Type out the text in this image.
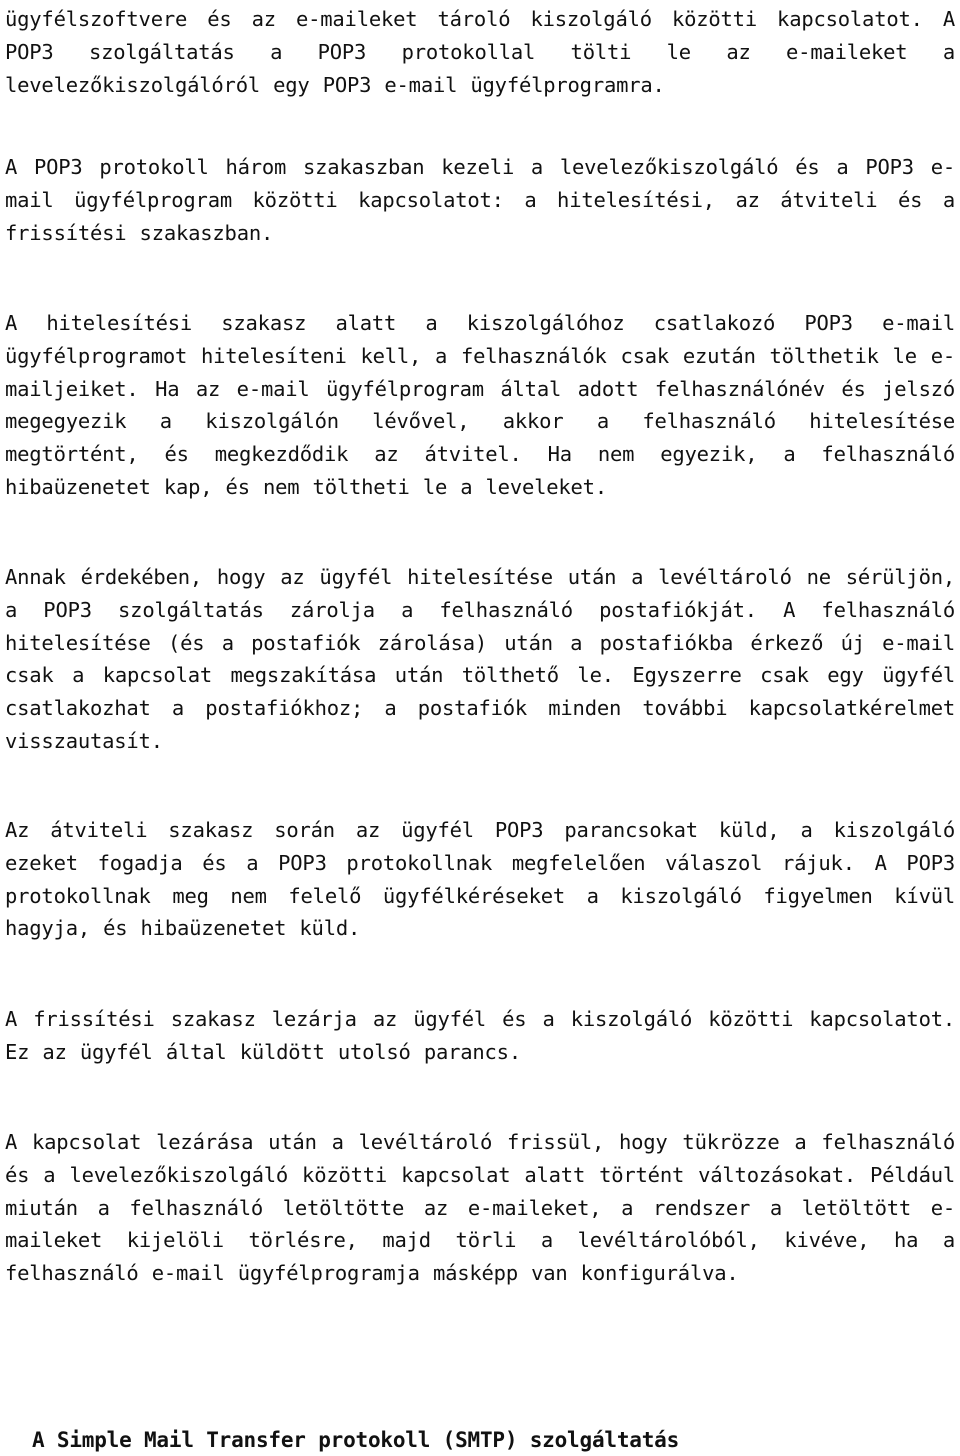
ügyfélszoftvere és az e-maileket tároló kiszolgáló közötti kapcsolatot. A POP3 szolgáltatás a POP3 protokollal tölti le az e-maileket a levelezőkiszolgálóról egy POP3 e-mail ügyfélprogramra.

A POP3 protokoll három szakaszban kezeli a levelezőkiszolgáló és a POP3 e-mail ügyfélprogram közötti kapcsolatot: a hitelesítési, az átviteli és a frissítési szakaszban.

A hitelesítési szakasz alatt a kiszolgálóhoz csatlakozó POP3 e-mail ügyfélprogramot hitelesíteni kell, a felhasználók csak ezután tölthetik le e-mailjeiket. Ha az e-mail ügyfélprogram által adott felhasználónév és jelszó megegyezik a kiszolgálón lévővel, akkor a felhasználó hitelesítése megtörtént, és megkezdődik az átvitel. Ha nem egyezik, a felhasználó hibaüzenetet kap, és nem töltheti le a leveleket.

Annak érdekében, hogy az ügyfél hitelesítése után a levéltároló ne sérüljön, a POP3 szolgáltatás zárolja a felhasználó postafiókját. A felhasználó hitelesítése (és a postafiók zárolása) után a postafiókba érkező új e-mail csak a kapcsolat megszakítása után tölthető le. Egyszerre csak egy ügyfél csatlakozhat a postafiókhoz; a postafiók minden további kapcsolatkérelmet visszautasít.

Az átviteli szakasz során az ügyfél POP3 parancsokat küld, a kiszolgáló ezeket fogadja és a POP3 protokollnak megfelelően válaszol rájuk. A POP3 protokollnak meg nem felelő ügyfélkéréseket a kiszolgáló figyelmen kívül hagyja, és hibaüzenetet küld.

A frissítési szakasz lezárja az ügyfél és a kiszolgáló közötti kapcsolatot. Ez az ügyfél által küldött utolsó parancs.

A kapcsolat lezárása után a levéltároló frissül, hogy tükrözze a felhasználó és a levelezőkiszolgáló közötti kapcsolat alatt történt változásokat. Például miután a felhasználó letöltötte az e-maileket, a rendszer a letöltött e-maileket kijelöli törlésre, majd törli a levéltárolóból, kivéve, ha a felhasználó e-mail ügyfélprogramja másképp van konfigurálva.

A Simple Mail Transfer protokoll (SMTP) szolgáltatás
